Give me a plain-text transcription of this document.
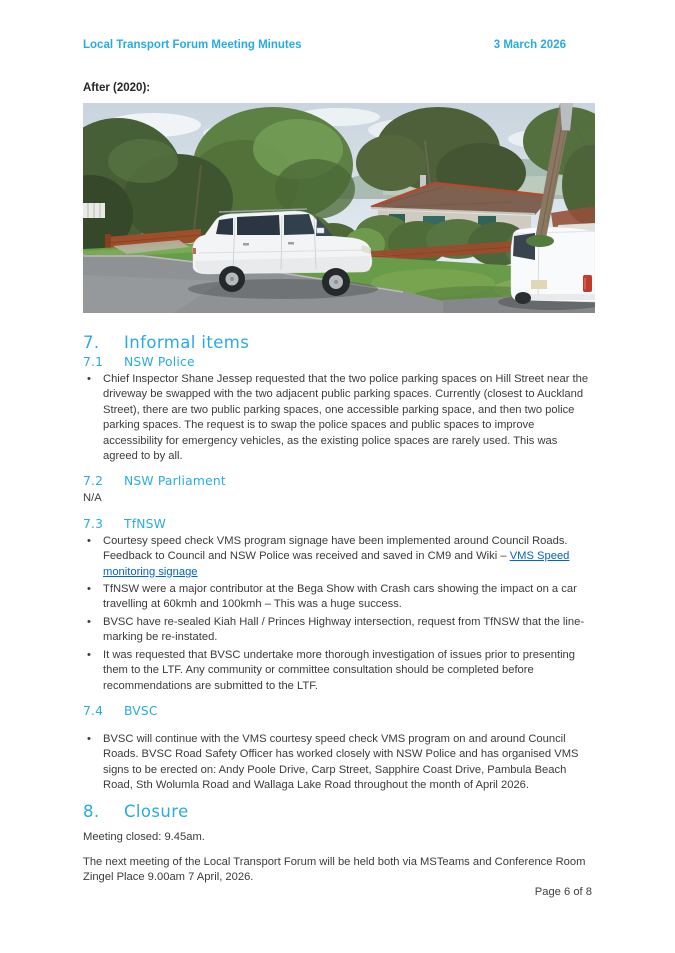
Local Transport Forum Meeting Minutes	3 March 2026
After (2020):
7.	Informal items
7.1	NSW Police
• Chief Inspector Shane Jessep requested that the two police parking spaces on Hill Street near the driveway be swapped with the two adjacent public parking spaces. Currently (closest to Auckland Street), there are two public parking spaces, one accessible parking space, and then two police parking spaces. The request is to swap the police spaces and public spaces to improve accessibility for emergency vehicles, as the existing police spaces are rarely used. This was agreed to by all.
7.2	NSW Parliament

N/A

7.3	TfNSW
• Courtesy speed check VMS program signage have been implemented around Council Roads. Feedback to Council and NSW Police was received and saved in CM9 and Wiki – VMS Speed monitoring signage
• TfNSW were a major contributor at the Bega Show with Crash cars showing the impact on a car travelling at 60kmh and 100kmh – This was a huge success.
• BVSC have re-sealed Kiah Hall / Princes Highway intersection, request from TfNSW that the line-marking be re-instated.
• It was requested that BVSC undertake more thorough investigation of issues prior to presenting them to the LTF. Any community or committee consultation should be completed before recommendations are submitted to the LTF.
7.4	BVSC
• BVSC will continue with the VMS courtesy speed check VMS program on and around Council Roads. BVSC Road Safety Officer has worked closely with NSW Police and has organised VMS signs to be erected on: Andy Poole Drive, Carp Street, Sapphire Coast Drive, Pambula Beach Road, Sth Wolumla Road and Wallaga Lake Road throughout the month of April 2026.
8.	Closure

Meeting closed: 9.45am.

The next meeting of the Local Transport Forum will be held both via MSTeams and Conference Room Zingel Place 9.00am 7 April, 2026.

Page 6 of 8
